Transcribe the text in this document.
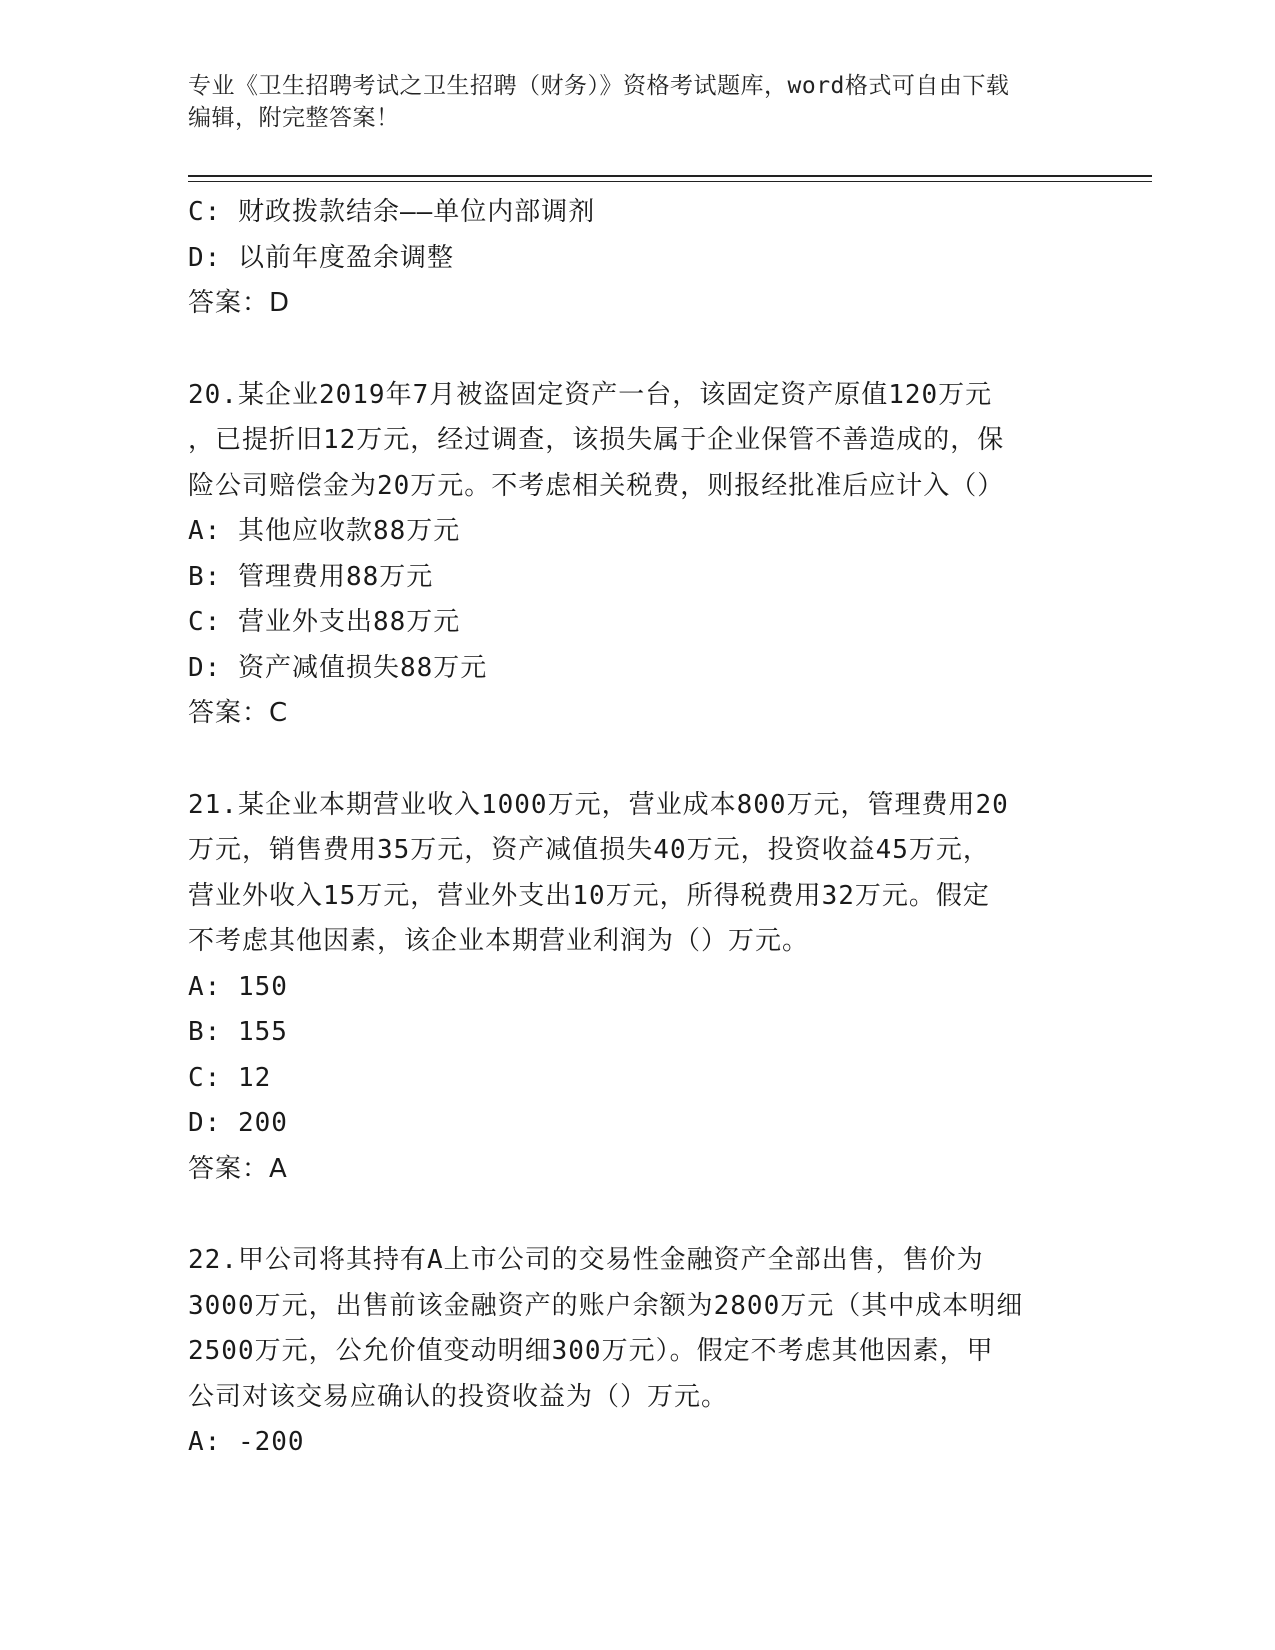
专业《卫生招聘考试之卫生招聘（财务）》资格考试题库，word格式可自由下载
编辑，附完整答案！
C: 财政拨款结余——单位内部调剂
D: 以前年度盈余调整
答案：D
20.某企业2019年7月被盗固定资产一台，该固定资产原值120万元
，已提折旧12万元，经过调查，该损失属于企业保管不善造成的，保
险公司赔偿金为20万元。不考虑相关税费，则报经批准后应计入（）
A: 其他应收款88万元
B: 管理费用88万元
C: 营业外支出88万元
D: 资产减值损失88万元
答案：C
21.某企业本期营业收入1000万元，营业成本800万元，管理费用20
万元，销售费用35万元，资产减值损失40万元，投资收益45万元，
营业外收入15万元，营业外支出10万元，所得税费用32万元。假定
不考虑其他因素，该企业本期营业利润为（）万元。
A: 150
B: 155
C: 12
D: 200
答案：A
22.甲公司将其持有A上市公司的交易性金融资产全部出售，售价为
3000万元，出售前该金融资产的账户余额为2800万元（其中成本明细
2500万元，公允价值变动明细300万元）。假定不考虑其他因素，甲
公司对该交易应确认的投资收益为（）万元。
A: -200
